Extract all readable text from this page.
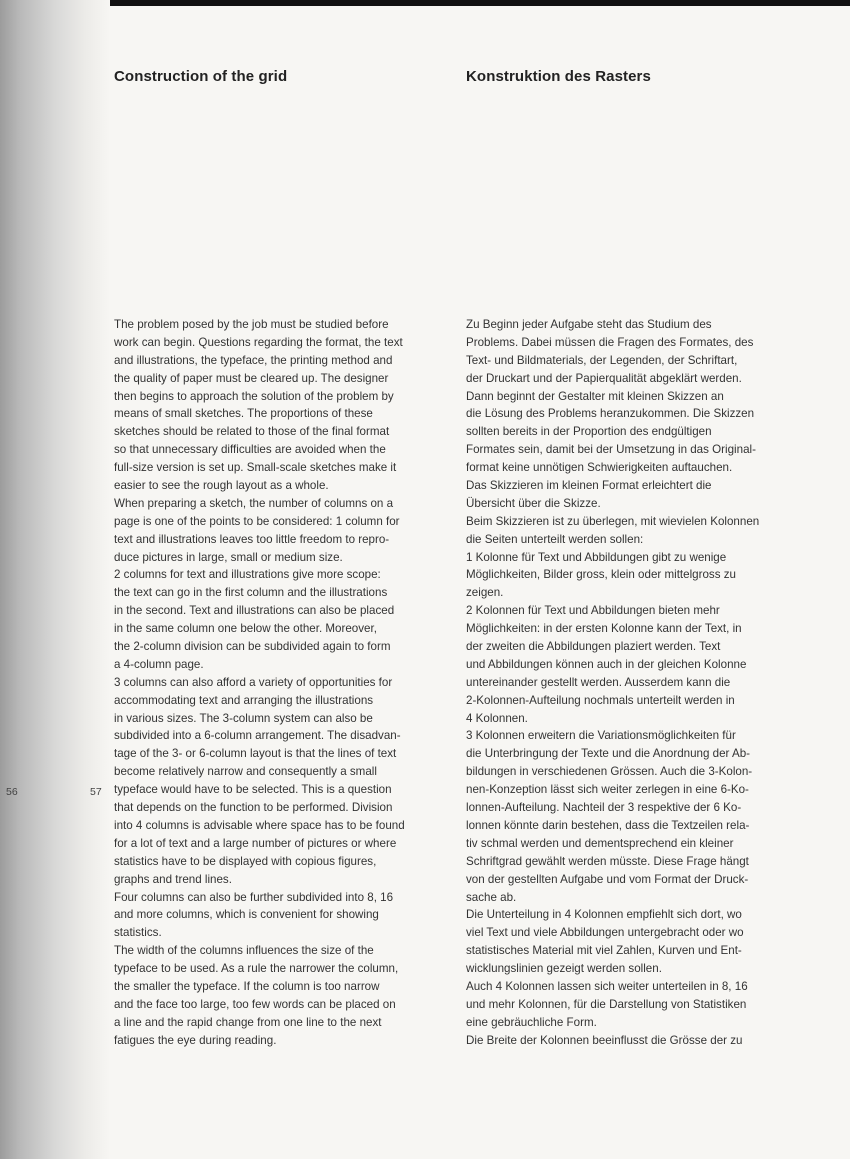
Construction of the grid	Konstruktion des Rasters
The problem posed by the job must be studied before
work can begin. Questions regarding the format, the text
and illustrations, the typeface, the printing method and
the quality of paper must be cleared up. The designer
then begins to approach the solution of the problem by
means of small sketches. The proportions of these
sketches should be related to those of the final format
so that unnecessary difficulties are avoided when the
full-size version is set up. Small-scale sketches make it
easier to see the rough layout as a whole.
When preparing a sketch, the number of columns on a
page is one of the points to be considered: 1 column for
text and illustrations leaves too little freedom to repro-
duce pictures in large, small or medium size.
2 columns for text and illustrations give more scope:
the text can go in the first column and the illustrations
in the second. Text and illustrations can also be placed
in the same column one below the other. Moreover,
the 2-column division can be subdivided again to form
a 4-column page.
3 columns can also afford a variety of opportunities for
accommodating text and arranging the illustrations
in various sizes. The 3-column system can also be
subdivided into a 6-column arrangement. The disadvan-
tage of the 3- or 6-column layout is that the lines of text
become relatively narrow and consequently a small
typeface would have to be selected. This is a question
that depends on the function to be performed. Division
into 4 columns is advisable where space has to be found
for a lot of text and a large number of pictures or where
statistics have to be displayed with copious figures,
graphs and trend lines.
Four columns can also be further subdivided into 8, 16
and more columns, which is convenient for showing
statistics.
The width of the columns influences the size of the
typeface to be used. As a rule the narrower the column,
the smaller the typeface. If the column is too narrow
and the face too large, too few words can be placed on
a line and the rapid change from one line to the next
fatigues the eye during reading.
Zu Beginn jeder Aufgabe steht das Studium des
Problems. Dabei müssen die Fragen des Formates, des
Text- und Bildmaterials, der Legenden, der Schriftart,
der Druckart und der Papierqualität abgeklärt werden.
Dann beginnt der Gestalter mit kleinen Skizzen an
die Lösung des Problems heranzukommen. Die Skizzen
sollten bereits in der Proportion des endgültigen
Formates sein, damit bei der Umsetzung in das Original-
format keine unnötigen Schwierigkeiten auftauchen.
Das Skizzieren im kleinen Format erleichtert die
Übersicht über die Skizze.
Beim Skizzieren ist zu überlegen, mit wievielen Kolonnen
die Seiten unterteilt werden sollen:
1 Kolonne für Text und Abbildungen gibt zu wenige
Möglichkeiten, Bilder gross, klein oder mittelgross zu
zeigen.
2 Kolonnen für Text und Abbildungen bieten mehr
Möglichkeiten: in der ersten Kolonne kann der Text, in
der zweiten die Abbildungen plaziert werden. Text
und Abbildungen können auch in der gleichen Kolonne
untereinander gestellt werden. Ausserdem kann die
2-Kolonnen-Aufteilung nochmals unterteilt werden in
4 Kolonnen.
3 Kolonnen erweitern die Variationsmöglichkeiten für
die Unterbringung der Texte und die Anordnung der Ab-
bildungen in verschiedenen Grössen. Auch die 3-Kolon-
nen-Konzeption lässt sich weiter zerlegen in eine 6-Ko-
lonnen-Aufteilung. Nachteil der 3 respektive der 6 Ko-
lonnen könnte darin bestehen, dass die Textzeilen rela-
tiv schmal werden und dementsprechend ein kleiner
Schriftgrad gewählt werden müsste. Diese Frage hängt
von der gestellten Aufgabe und vom Format der Druck-
sache ab.
Die Unterteilung in 4 Kolonnen empfiehlt sich dort, wo
viel Text und viele Abbildungen untergebracht oder wo
statistisches Material mit viel Zahlen, Kurven und Ent-
wicklungslinien gezeigt werden sollen.
Auch 4 Kolonnen lassen sich weiter unterteilen in 8, 16
und mehr Kolonnen, für die Darstellung von Statistiken
eine gebräuchliche Form.
Die Breite der Kolonnen beeinflusst die Grösse der zu
56	57
